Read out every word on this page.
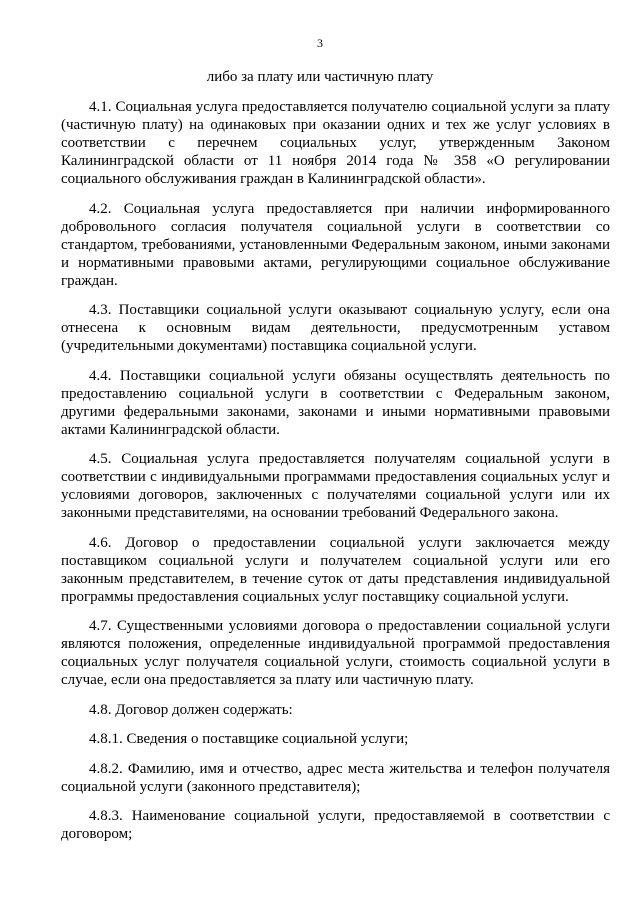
3
либо за плату или частичную плату

4.1. Социальная услуга предоставляется получателю социальной услуги за плату (частичную плату) на одинаковых при оказании одних и тех же услуг условиях в соответствии с перечнем социальных услуг, утвержденным Законом Калининградской области от 11 ноября 2014 года № 358 «О регулировании социального обслуживания граждан в Калининградской области».

4.2. Социальная услуга предоставляется при наличии информированного добровольного согласия получателя социальной услуги в соответствии со стандартом, требованиями, установленными Федеральным законом, иными законами и нормативными правовыми актами, регулирующими социальное обслуживание граждан.

4.3. Поставщики социальной услуги оказывают социальную услугу, если она отнесена к основным видам деятельности, предусмотренным уставом (учредительными документами) поставщика социальной услуги.

4.4. Поставщики социальной услуги обязаны осуществлять деятельность по предоставлению социальной услуги в соответствии с Федеральным законом, другими федеральными законами, законами и иными нормативными правовыми актами Калининградской области.

4.5. Социальная услуга предоставляется получателям социальной услуги в соответствии с индивидуальными программами предоставления социальных услуг и условиями договоров, заключенных с получателями социальной услуги или их законными представителями, на основании требований Федерального закона.

4.6. Договор о предоставлении социальной услуги заключается между поставщиком социальной услуги и получателем социальной услуги или его законным представителем, в течение суток от даты представления индивидуальной программы предоставления социальных услуг поставщику социальной услуги.

4.7. Существенными условиями договора о предоставлении социальной услуги являются положения, определенные индивидуальной программой предоставления социальных услуг получателя социальной услуги, стоимость социальной услуги в случае, если она предоставляется за плату или частичную плату.

4.8. Договор должен содержать:

4.8.1. Сведения о поставщике социальной услуги;

4.8.2. Фамилию, имя и отчество, адрес места жительства и телефон получателя социальной услуги (законного представителя);

4.8.3. Наименование социальной услуги, предоставляемой в соответствии с договором;
